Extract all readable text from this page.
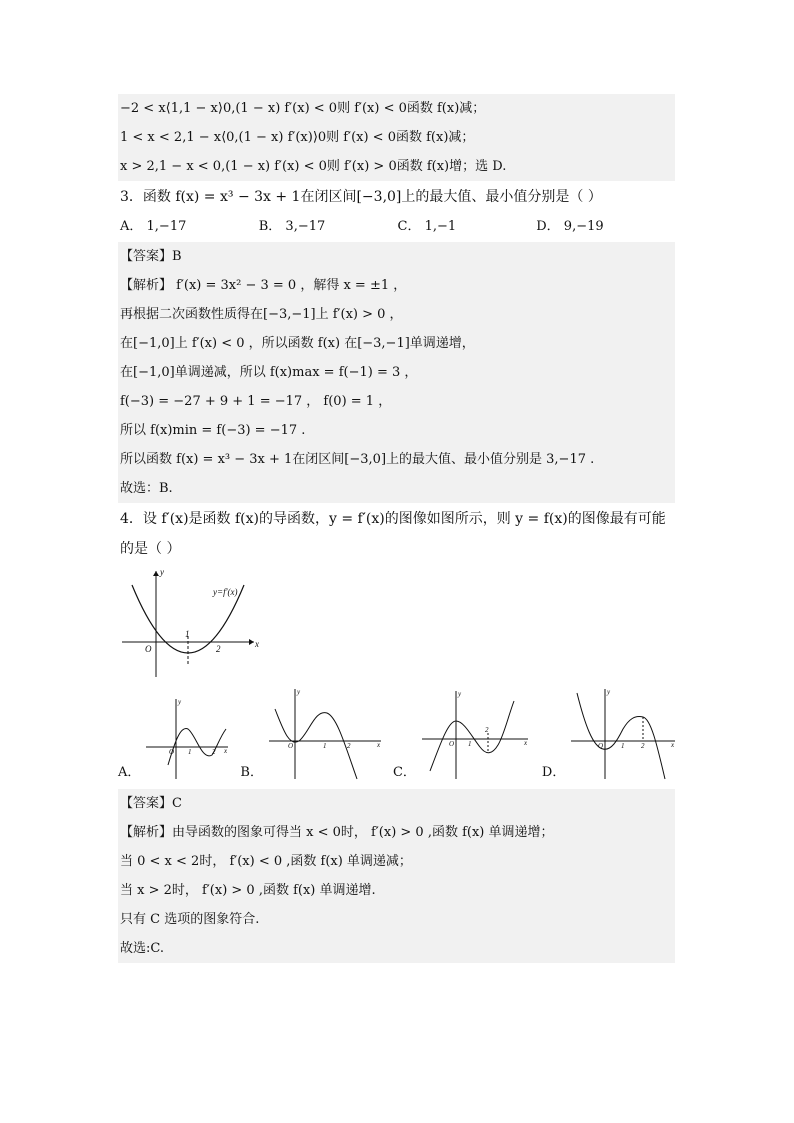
−2 < x⟨1,1 − x⟩0,(1 − x) f′(x) < 0则 f′(x) < 0函数 f(x)减；
1 < x < 2,1 − x⟨0,(1 − x) f′(x)⟩0则 f′(x) < 0函数 f(x)减；
x > 2,1 − x < 0,(1 − x) f′(x) < 0则 f′(x) > 0函数 f(x)增；选 D.
3．函数 f(x) = x³ − 3x + 1在闭区间[−3,0]上的最大值、最小值分别是（ ）
A． 1,−17	B． 3,−17	C． 1,−1	D． 9,−19
【答案】B
【解析】 f′(x) = 3x² − 3 = 0 ，解得 x = ±1 ，
再根据二次函数性质得在[−3,−1]上 f′(x) > 0 ，
在[−1,0]上 f′(x) < 0 ，所以函数 f(x) 在[−3,−1]单调递增，
在[−1,0]单调递减，所以 f(x)max = f(−1) = 3 ，
f(−3) = −27 + 9 + 1 = −17 ， f(0) = 1 ，
所以 f(x)min = f(−3) = −17 .
所以函数 f(x) = x³ − 3x + 1在闭区间[−3,0]上的最大值、最小值分别是 3,−17 .
故选：B.
4．设 f′(x)是函数 f(x)的导函数，y = f′(x)的图像如图所示，则 y = f(x)的图像最有可能
的是（ ）
y
x
O
1
2
y=f′(x)
A．
y
x
O 1	2
B．
y
x
O	1	2
C．
y
x
O 1
2
D．
y
x
O	1 2
【答案】C
【解析】由导函数的图象可得当 x < 0时， f′(x) > 0 ,函数 f(x) 单调递增；
当 0 < x < 2时， f′(x) < 0 ,函数 f(x) 单调递减；
当 x > 2时， f′(x) > 0 ,函数 f(x) 单调递增.
只有 C 选项的图象符合.
故选:C.
